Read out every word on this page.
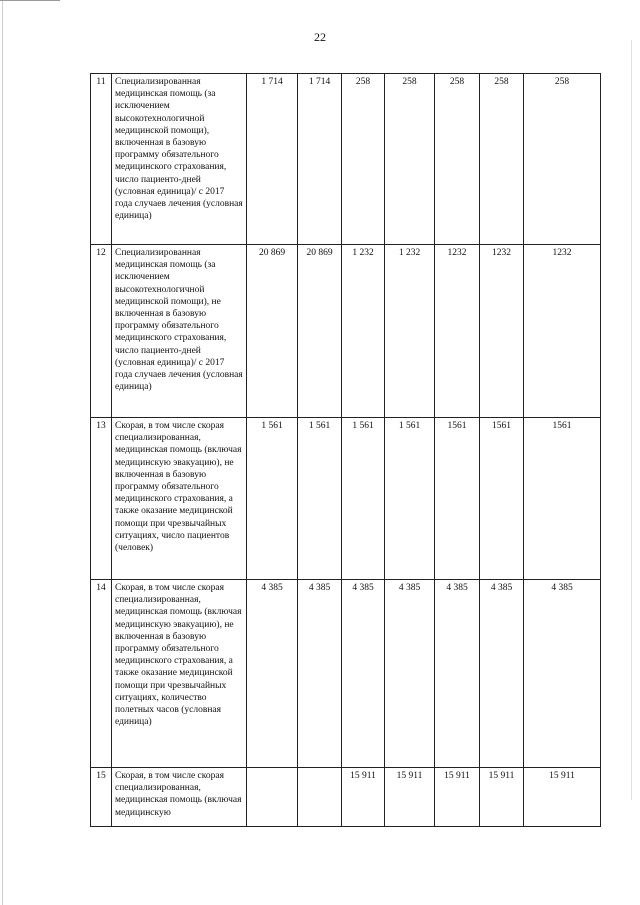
22
11	Специализированная медицинская помощь (за исключением высокотехнологичной медицинской помощи), включенная в базовую программу обязательного медицинского страхования, число пациенто-дней (условная единица)/ с 2017 года случаев лечения (условная единица)	1 714	1 714	258	258	258	258	258
12	Специализированная медицинская помощь (за исключением высокотехнологичной медицинской помощи), не включенная в базовую программу обязательного медицинского страхования, число пациенто-дней (условная единица)/ с 2017 года случаев лечения (условная единица)	20 869	20 869	1 232	1 232	1232	1232	1232
13	Скорая, в том числе скорая специализированная, медицинская помощь (включая медицинскую эвакуацию), не включенная в базовую программу обязательного медицинского страхования, а также оказание медицинской помощи при чрезвычайных ситуациях, число пациентов (человек)	1 561	1 561	1 561	1 561	1561	1561	1561
14	Скорая, в том числе скорая специализированная, медицинская помощь (включая медицинскую эвакуацию), не включенная в базовую программу обязательного медицинского страхования, а также оказание медицинской помощи при чрезвычайных ситуациях, количество полетных часов (условная единица)	4 385	4 385	4 385	4 385	4 385	4 385	4 385
15	Скорая, в том числе скорая специализированная, медицинская помощь (включая медицинскую			15 911	15 911	15 911	15 911	15 911
